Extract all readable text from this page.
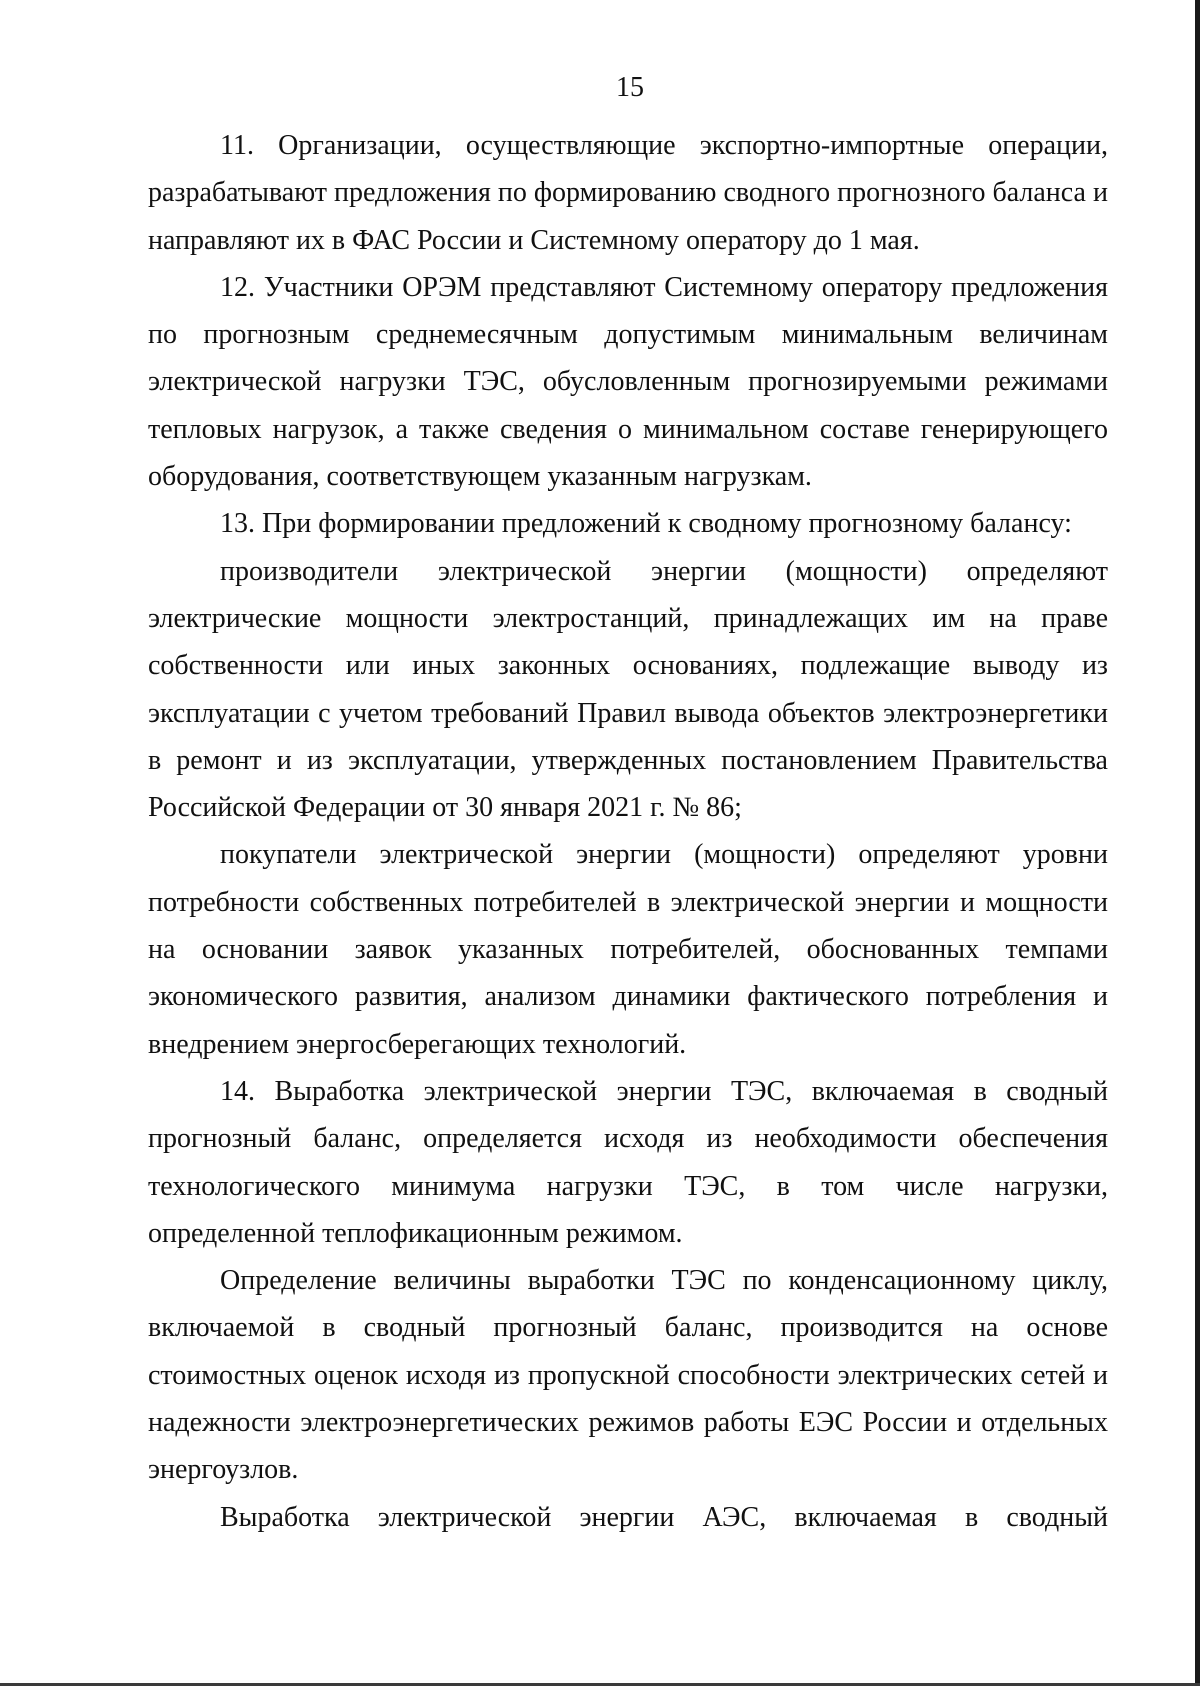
15

11. Организации, осуществляющие экспортно-импортные операции, разрабатывают предложения по формированию сводного прогнозного баланса и направляют их в ФАС России и Системному оператору до 1 мая.

12. Участники ОРЭМ представляют Системному оператору предложения по прогнозным среднемесячным допустимым минимальным величинам электрической нагрузки ТЭС, обусловленным прогнозируемыми режимами тепловых нагрузок, а также сведения о минимальном составе генерирующего оборудования, соответствующем указанным нагрузкам.

13. При формировании предложений к сводному прогнозному балансу:

производители электрической энергии (мощности) определяют электрические мощности электростанций, принадлежащих им на праве собственности или иных законных основаниях, подлежащие выводу из эксплуатации с учетом требований Правил вывода объектов электроэнергетики в ремонт и из эксплуатации, утвержденных постановлением Правительства Российской Федерации от 30 января 2021 г. № 86;

покупатели электрической энергии (мощности) определяют уровни потребности собственных потребителей в электрической энергии и мощности на основании заявок указанных потребителей, обоснованных темпами экономического развития, анализом динамики фактического потребления и внедрением энергосберегающих технологий.

14. Выработка электрической энергии ТЭС, включаемая в сводный прогнозный баланс, определяется исходя из необходимости обеспечения технологического минимума нагрузки ТЭС, в том числе нагрузки, определенной теплофикационным режимом.

Определение величины выработки ТЭС по конденсационному циклу, включаемой в сводный прогнозный баланс, производится на основе стоимостных оценок исходя из пропускной способности электрических сетей и надежности электроэнергетических режимов работы ЕЭС России и отдельных энергоузлов.

Выработка электрической энергии АЭС, включаемая в сводный
